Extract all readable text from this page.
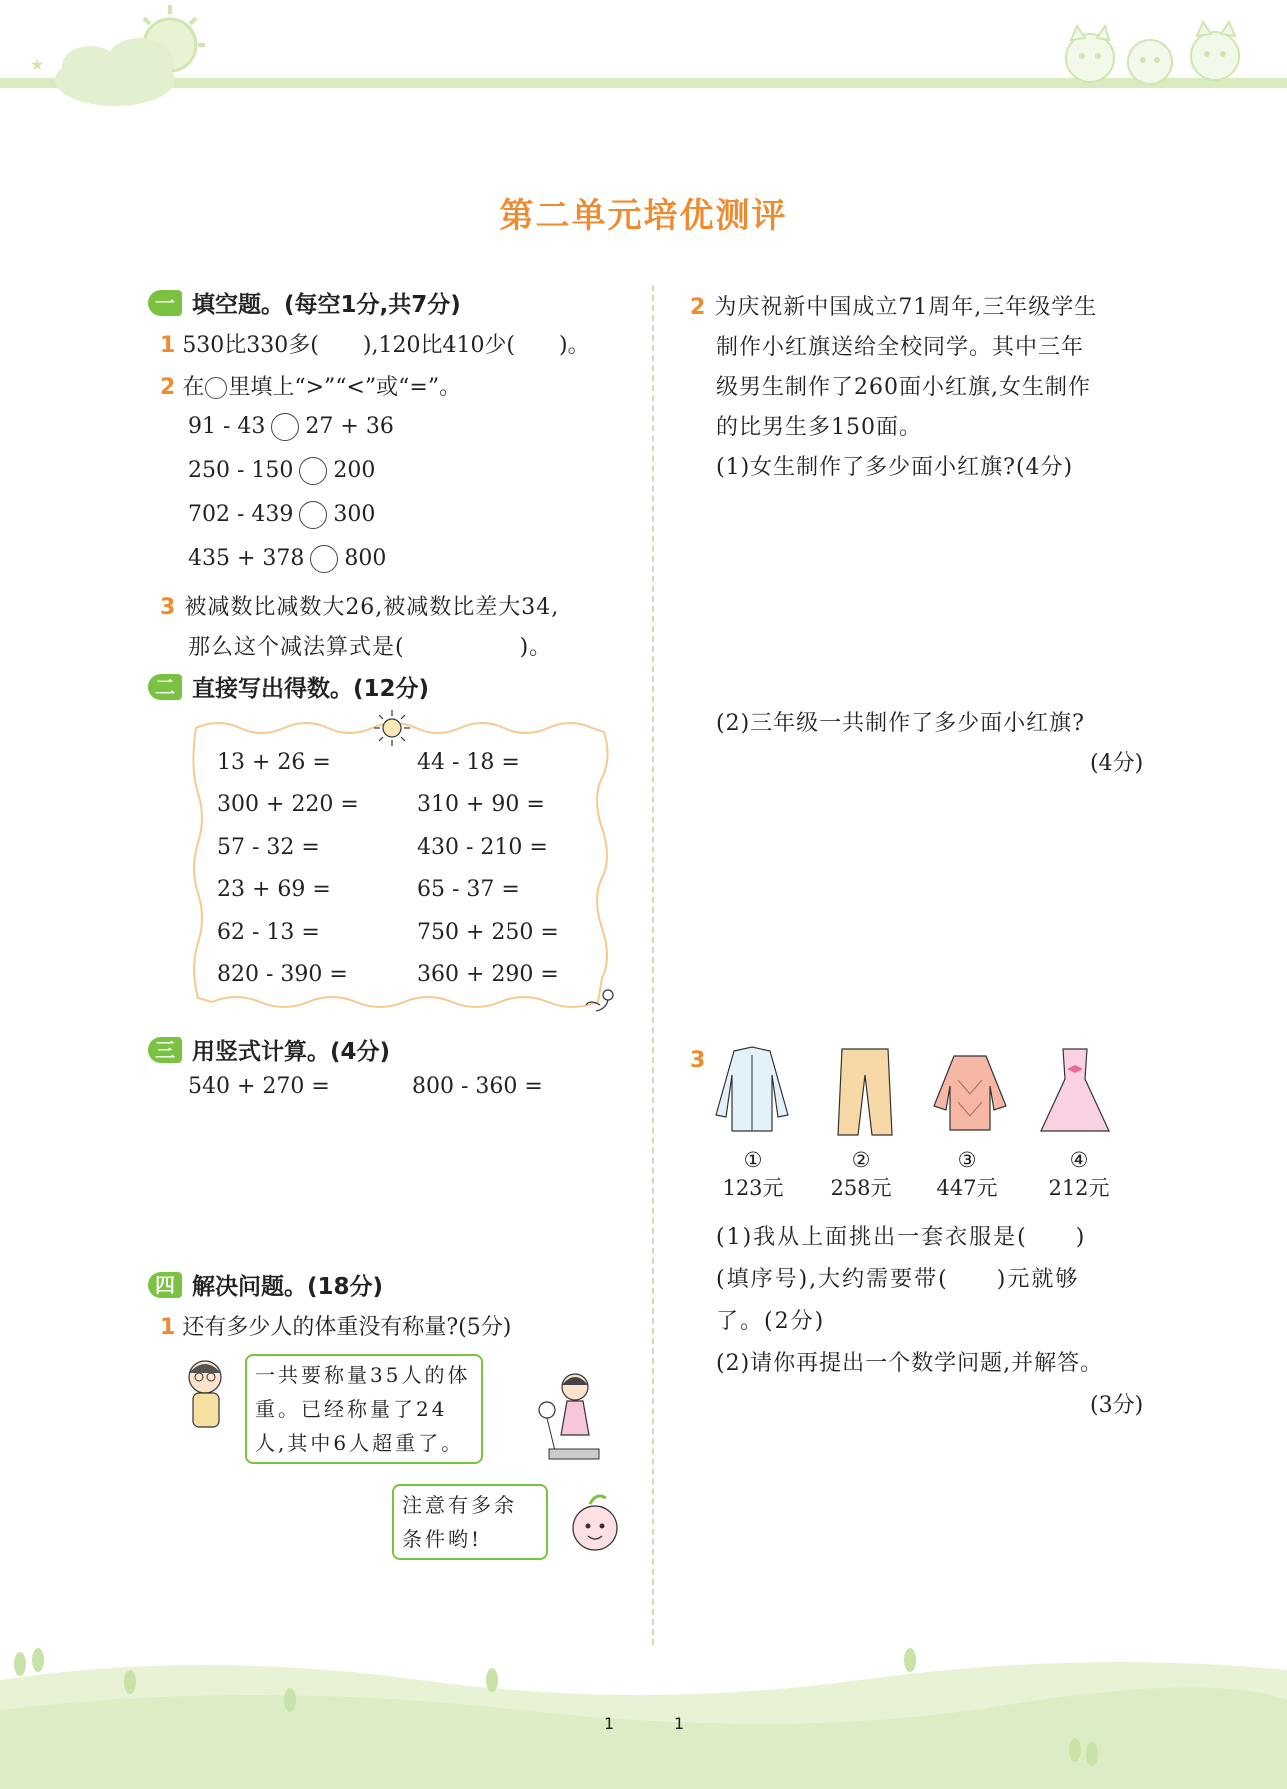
★
第二单元培优测评
一 填空题。(每空1分,共7分)
1 530比330多(　　),120比410少(　　)。
2 在 里填上“>”“<”或“=”。
91 - 43 27 + 36
250 - 150 200
702 - 439 300
435 + 378 800
3 被减数比减数大26,被减数比差大34,
那么这个减法算式是(　　　　　)。
二 直接写出得数。(12分)
13 + 26 =	44 - 18 =
300 + 220 =	310 + 90 =
57 - 32 =	430 - 210 =
23 + 69 =	65 - 37 =
62 - 13 =	750 + 250 =
820 - 390 =	360 + 290 =
三 用竖式计算。(4分)
540 + 270 =	800 - 360 =
四 解决问题。(18分)
1 还有多少人的体重没有称量?(5分)
一共要称量35人的体
重。已经称量了24
人,其中6人超重了。
注意有多余
条件哟!
2 为庆祝新中国成立71周年,三年级学生
制作小红旗送给全校同学。其中三年
级男生制作了260面小红旗,女生制作
的比男生多150面。
(1)女生制作了多少面小红旗?(4分)
(2)三年级一共制作了多少面小红旗?
(4分)
3
①
123元
②
258元
③
447元
④
212元
(1)我从上面挑出一套衣服是(　　)
(填序号),大约需要带(　　)元就够
了。(2分)
(2)请你再提出一个数学问题,并解答。
(3分)
1	1
